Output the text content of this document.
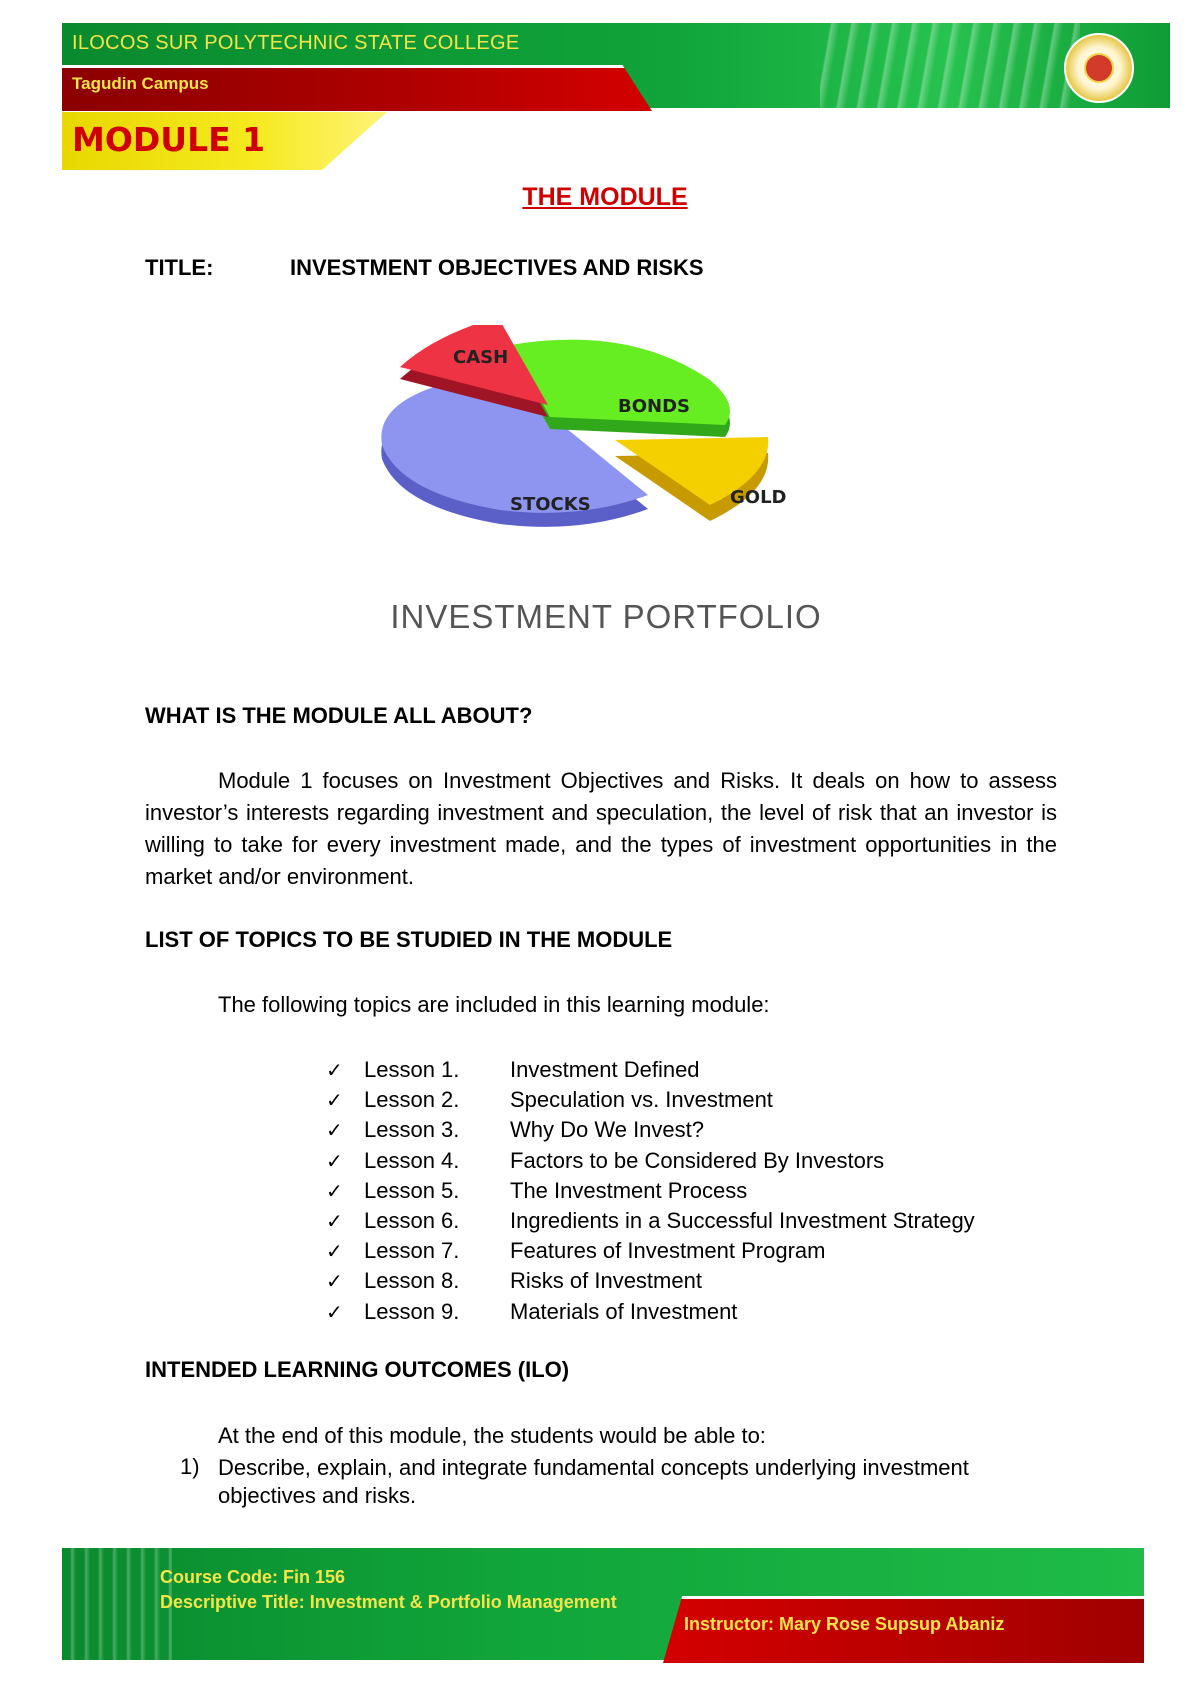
ILOCOS SUR POLYTECHNIC STATE COLLEGE
Tagudin Campus
MODULE 1
THE MODULE
TITLE:	INVESTMENT OBJECTIVES AND RISKS
CASH
BONDS
STOCKS	GOLD
INVESTMENT PORTFOLIO
WHAT IS THE MODULE ALL ABOUT?

Module 1 focuses on Investment Objectives and Risks. It deals on how to assess investor’s interests regarding investment and speculation, the level of risk that an investor is willing to take for every investment made, and the types of investment opportunities in the market and/or environment.

LIST OF TOPICS TO BE STUDIED IN THE MODULE
The following topics are included in this learning module:
✓ Lesson 1.	Investment Defined
✓ Lesson 2.	Speculation vs. Investment
✓ Lesson 3.	Why Do We Invest?
✓ Lesson 4.	Factors to be Considered By Investors
✓ Lesson 5.	The Investment Process
✓ Lesson 6.	Ingredients in a Successful Investment Strategy
✓ Lesson 7.	Features of Investment Program
✓ Lesson 8.	Risks of Investment
✓ Lesson 9.	Materials of Investment
INTENDED LEARNING OUTCOMES (ILO)
At the end of this module, the students would be able to:
1) Describe, explain, and integrate fundamental concepts underlying investment objectives and risks.
Course Code: Fin 156
Descriptive Title: Investment & Portfolio Management
Instructor: Mary Rose Supsup Abaniz
